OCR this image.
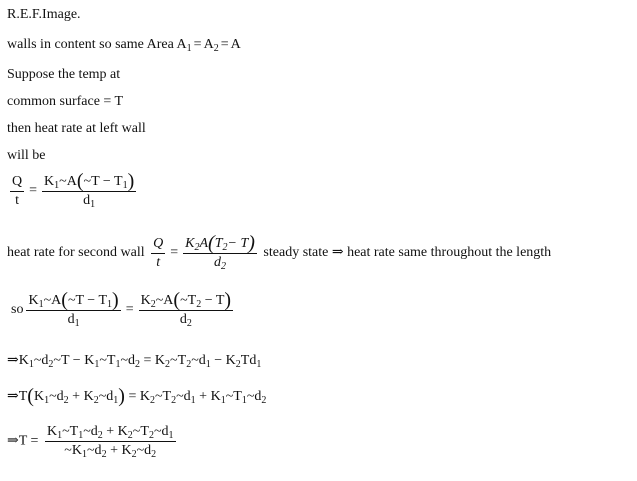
R.E.F.Image.
walls in content so same Area $A_1 = A_2 = A$
Suppose the temp at
common surface = T
then heat rate at left wall
will be
$\frac{Q}{t} = \frac{K_1\sim A(\sim T - T_1)}{d_1}$
heat rate for second wall $\frac{Q}{t} = \frac{K_2A(T_2- T)}{d_2}$ steady state ⇒ heat rate same throughout the length
so $\frac{K_1\sim A(\sim T - T_1)}{d_1} = \frac{K_2\sim A(\sim T_2 - T)}{d_2}$
$\Rightarrow K_1\sim d_2\sim T$ − $K_1\sim T_1\sim d_2$ = $K_2\sim T_2\sim d_1 - K_2Td_1$
$\Rightarrow T(K_1\sim d_2$ + $K_2\sim d_1$) = $K_2\sim T_2\sim d_1$ + $K_1\sim T_1\sim d_2$
⇒T = $\frac{K_1\sim T_1\sim d_2 + K_2\sim T_2\sim d_1}{\sim K_1\sim d_2 + K_2\sim d_2}$
